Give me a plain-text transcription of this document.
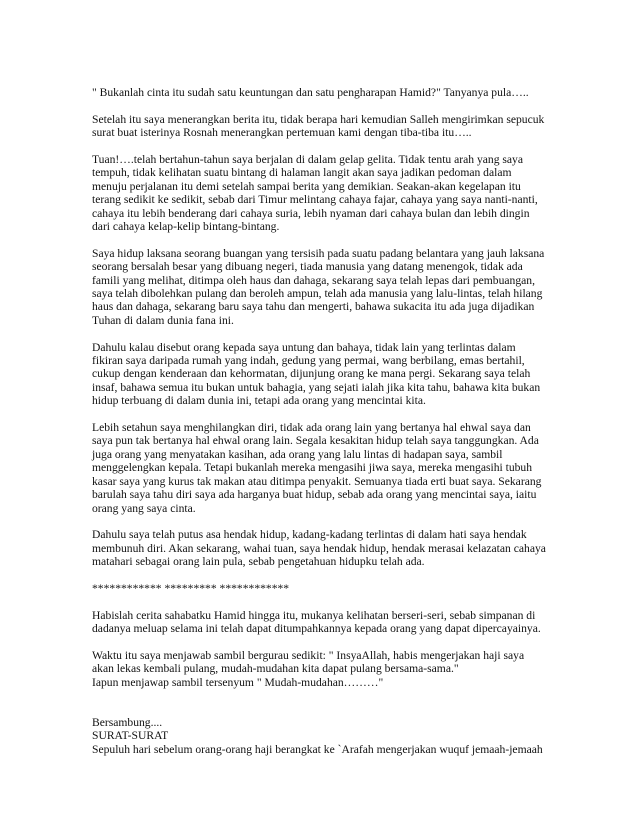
" Bukanlah cinta itu sudah satu keuntungan dan satu pengharapan Hamid?" Tanyanya pula…..
Setelah itu saya menerangkan berita itu, tidak berapa hari kemudian Salleh mengirimkan sepucuk
surat buat isterinya Rosnah menerangkan pertemuan kami dengan tiba-tiba itu…..
Tuan!….telah bertahun-tahun saya berjalan di dalam gelap gelita. Tidak tentu arah yang saya
tempuh, tidak kelihatan suatu bintang di halaman langit akan saya jadikan pedoman dalam
menuju perjalanan itu demi setelah sampai berita yang demikian. Seakan-akan kegelapan itu
terang sedikit ke sedikit, sebab dari Timur melintang cahaya fajar, cahaya yang saya nanti-nanti,
cahaya itu lebih benderang dari cahaya suria, lebih nyaman dari cahaya bulan dan lebih dingin
dari cahaya kelap-kelip bintang-bintang.
Saya hidup laksana seorang buangan yang tersisih pada suatu padang belantara yang jauh laksana
seorang bersalah besar yang dibuang negeri, tiada manusia yang datang menengok, tidak ada
famili yang melihat, ditimpa oleh haus dan dahaga, sekarang saya telah lepas dari pembuangan,
saya telah dibolehkan pulang dan beroleh ampun, telah ada manusia yang lalu-lintas, telah hilang
haus dan dahaga, sekarang baru saya tahu dan mengerti, bahawa sukacita itu ada juga dijadikan
Tuhan di dalam dunia fana ini.
Dahulu kalau disebut orang kepada saya untung dan bahaya, tidak lain yang terlintas dalam
fikiran saya daripada rumah yang indah, gedung yang permai, wang berbilang, emas bertahil,
cukup dengan kenderaan dan kehormatan, dijunjung orang ke mana pergi. Sekarang saya telah
insaf, bahawa semua itu bukan untuk bahagia, yang sejati ialah jika kita tahu, bahawa kita bukan
hidup terbuang di dalam dunia ini, tetapi ada orang yang mencintai kita.
Lebih setahun saya menghilangkan diri, tidak ada orang lain yang bertanya hal ehwal saya dan
saya pun tak bertanya hal ehwal orang lain. Segala kesakitan hidup telah saya tanggungkan. Ada
juga orang yang menyatakan kasihan, ada orang yang lalu lintas di hadapan saya, sambil
menggelengkan kepala. Tetapi bukanlah mereka mengasihi jiwa saya, mereka mengasihi tubuh
kasar saya yang kurus tak makan atau ditimpa penyakit. Semuanya tiada erti buat saya. Sekarang
barulah saya tahu diri saya ada harganya buat hidup, sebab ada orang yang mencintai saya, iaitu
orang yang saya cinta.
Dahulu saya telah putus asa hendak hidup, kadang-kadang terlintas di dalam hati saya hendak
membunuh diri. Akan sekarang, wahai tuan, saya hendak hidup, hendak merasai kelazatan cahaya
matahari sebagai orang lain pula, sebab pengetahuan hidupku telah ada.
************ ********* ************
Habislah cerita sahabatku Hamid hingga itu, mukanya kelihatan berseri-seri, sebab simpanan di
dadanya meluap selama ini telah dapat ditumpahkannya kepada orang yang dapat dipercayainya.
Waktu itu saya menjawab sambil bergurau sedikit: " InsyaAllah, habis mengerjakan haji saya
akan lekas kembali pulang, mudah-mudahan kita dapat pulang bersama-sama."
Iapun menjawap sambil tersenyum " Mudah-mudahan………"
Bersambung....
SURAT-SURAT
Sepuluh hari sebelum orang-orang haji berangkat ke `Arafah mengerjakan wuquf jemaah-jemaah
